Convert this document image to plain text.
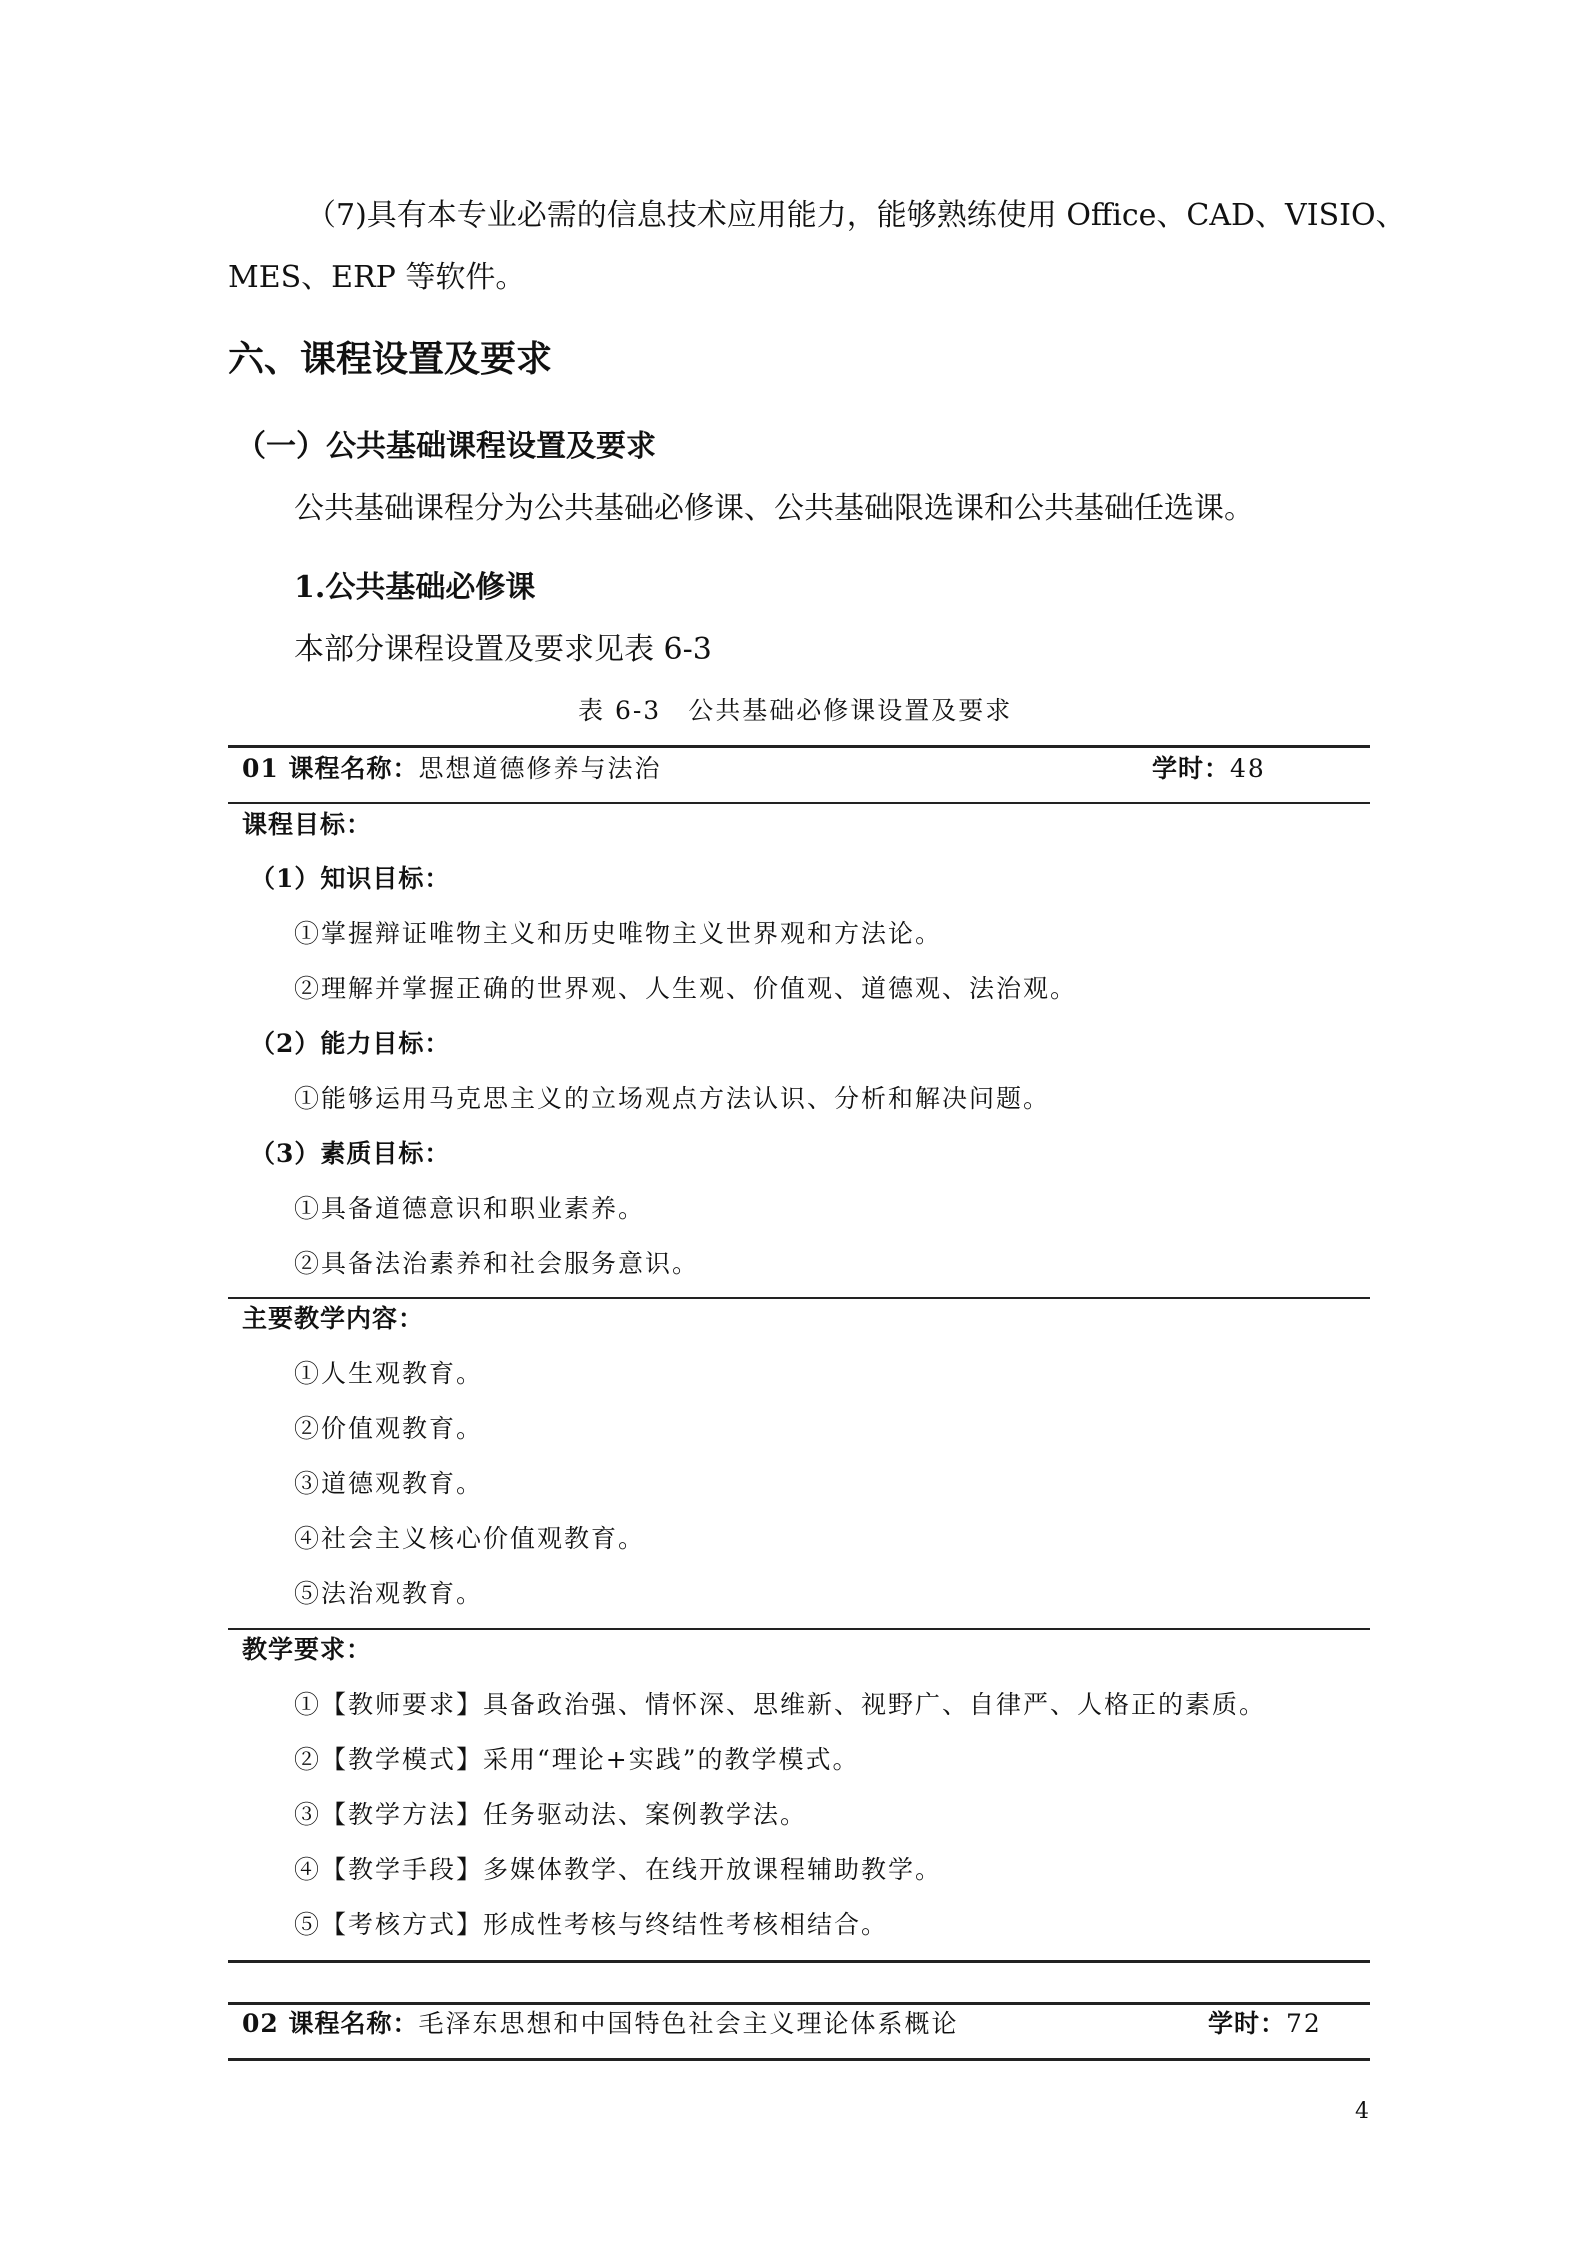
（7)具有本专业必需的信息技术应用能力，能够熟练使用 Office、CAD、VISIO、
MES、ERP 等软件。
六、课程设置及要求
（一）公共基础课程设置及要求
公共基础课程分为公共基础必修课、公共基础限选课和公共基础任选课。
1.公共基础必修课
本部分课程设置及要求见表 6-3
表 6-3　公共基础必修课设置及要求
01 课程名称：思想道德修养与法治	学时：48
课程目标：
（1）知识目标：
①掌握辩证唯物主义和历史唯物主义世界观和方法论。
②理解并掌握正确的世界观、人生观、价值观、道德观、法治观。
（2）能力目标：
①能够运用马克思主义的立场观点方法认识、分析和解决问题。
（3）素质目标：
①具备道德意识和职业素养。
②具备法治素养和社会服务意识。
主要教学内容：
①人生观教育。
②价值观教育。
③道德观教育。
④社会主义核心价值观教育。
⑤法治观教育。
教学要求：
①【教师要求】具备政治强、情怀深、思维新、视野广、自律严、人格正的素质。
②【教学模式】采用“理论+实践”的教学模式。
③【教学方法】任务驱动法、案例教学法。
④【教学手段】多媒体教学、在线开放课程辅助教学。
⑤【考核方式】形成性考核与终结性考核相结合。
02 课程名称：毛泽东思想和中国特色社会主义理论体系概论	学时：72
4
